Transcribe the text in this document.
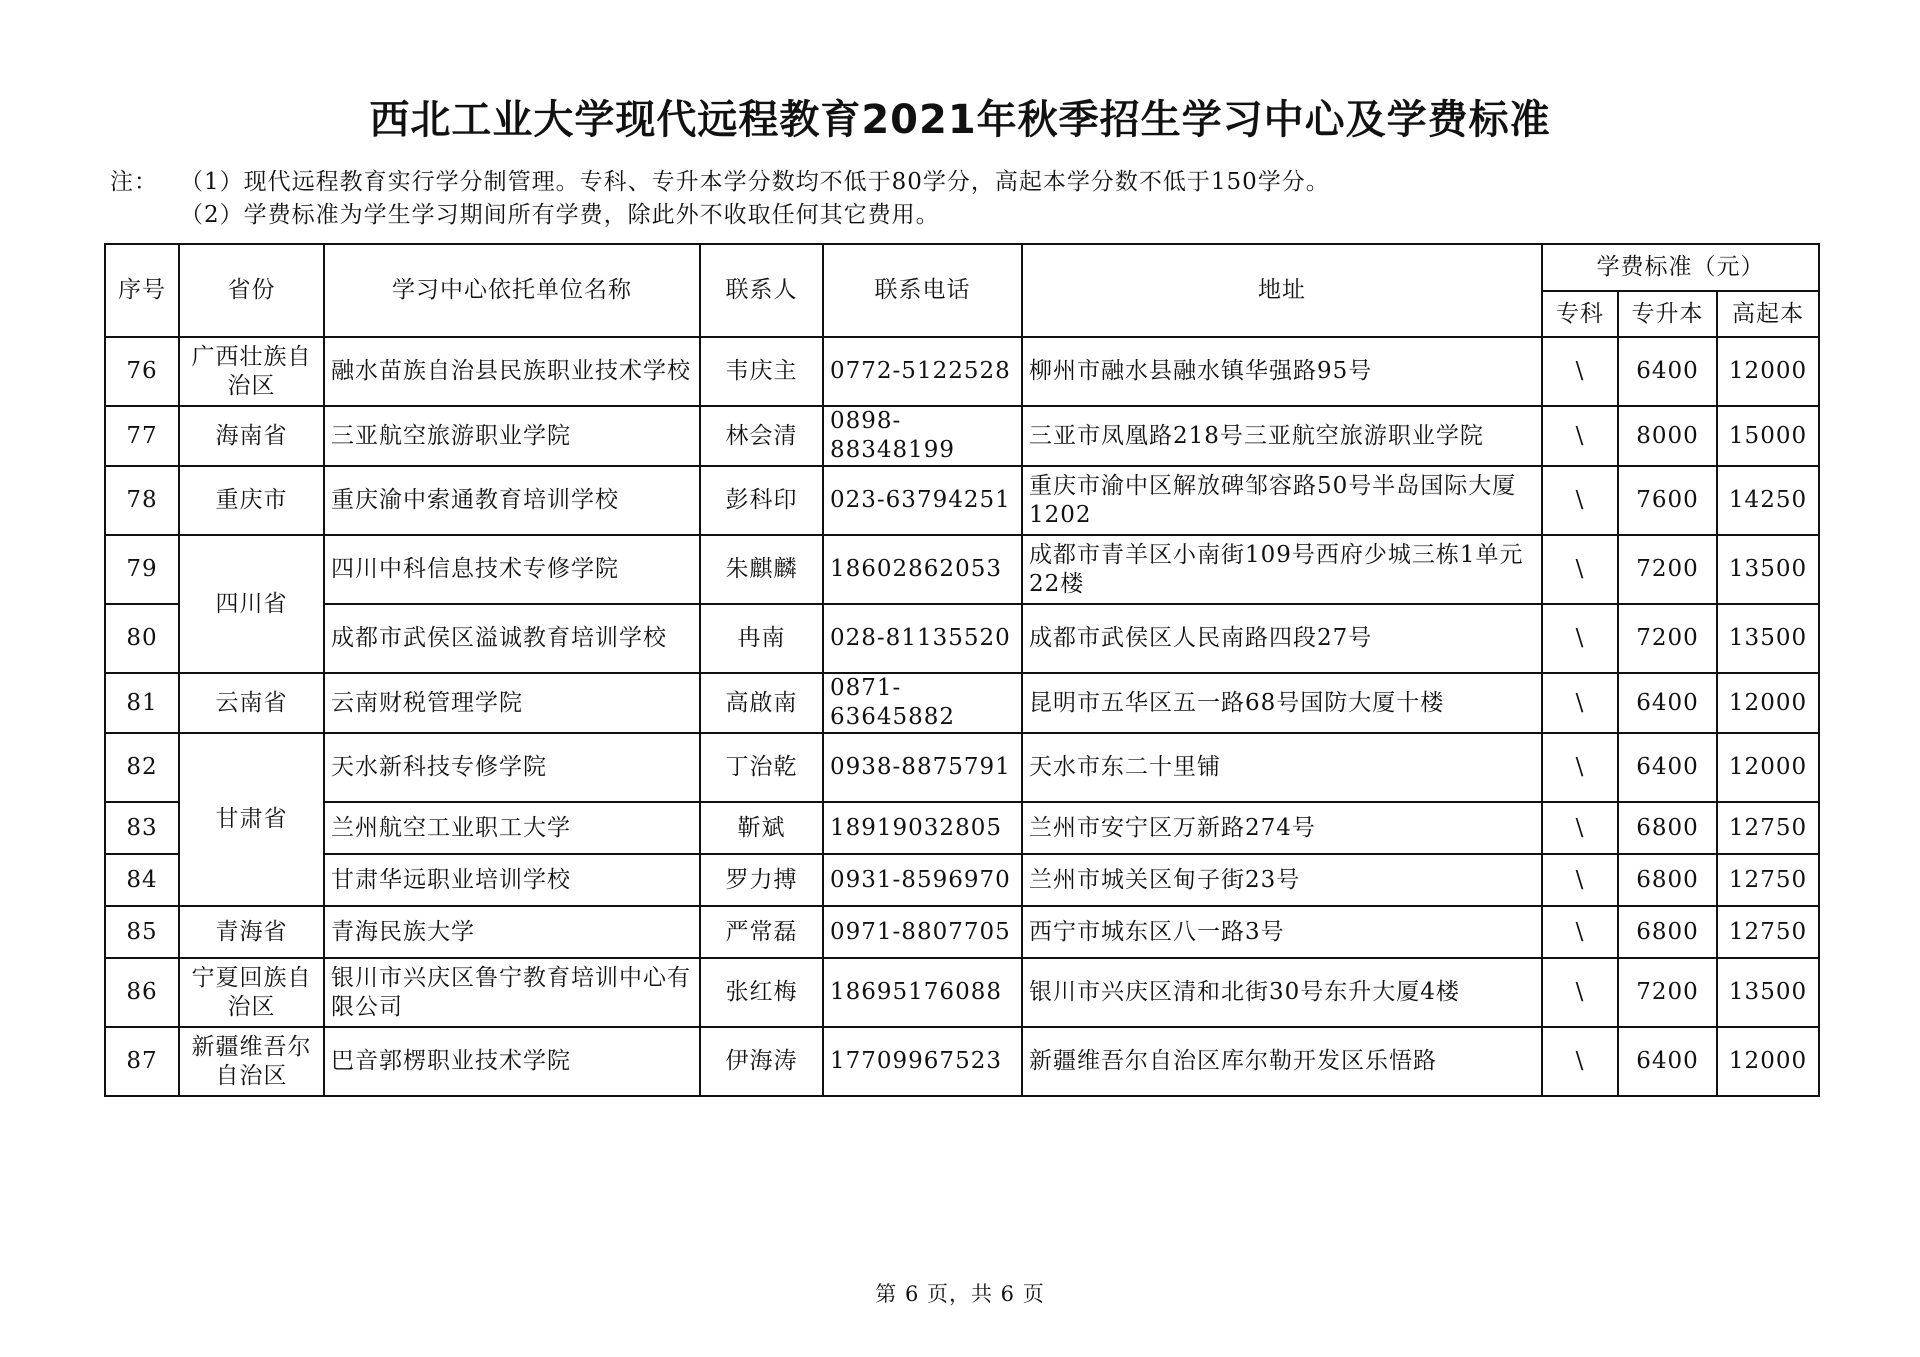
西北工业大学现代远程教育2021年秋季招生学习中心及学费标准
注： （1）现代远程教育实行学分制管理。专科、专升本学分数均不低于80学分，高起本学分数不低于150学分。
（2）学费标准为学生学习期间所有学费，除此外不收取任何其它费用。
序号	省份	学习中心依托单位名称	联系人	联系电话	地址	学费标准（元）		
						专科	专升本	高起本
76	广西壮族自治区	融水苗族自治县民族职业技术学校	韦庆主	0772-5122528	柳州市融水县融水镇华强路95号	\	6400	12000
77	海南省	三亚航空旅游职业学院	林会清	0898-88348199	三亚市凤凰路218号三亚航空旅游职业学院	\	8000	15000
78	重庆市	重庆渝中索通教育培训学校	彭科印	023-63794251	重庆市渝中区解放碑邹容路50号半岛国际大厦1202	\	7600	14250
79	四川省	四川中科信息技术专修学院	朱麒麟	18602862053	成都市青羊区小南街109号西府少城三栋1单元22楼	\	7200	13500
80		成都市武侯区溢诚教育培训学校	冉南	028-81135520	成都市武侯区人民南路四段27号	\	7200	13500
81	云南省	云南财税管理学院	高啟南	0871-63645882	昆明市五华区五一路68号国防大厦十楼	\	6400	12000
82	甘肃省	天水新科技专修学院	丁治乾	0938-8875791	天水市东二十里铺	\	6400	12000
83		兰州航空工业职工大学	靳斌	18919032805	兰州市安宁区万新路274号	\	6800	12750
84		甘肃华远职业培训学校	罗力搏	0931-8596970	兰州市城关区甸子街23号	\	6800	12750
85	青海省	青海民族大学	严常磊	0971-8807705	西宁市城东区八一路3号	\	6800	12750
86	宁夏回族自治区	银川市兴庆区鲁宁教育培训中心有限公司	张红梅	18695176088	银川市兴庆区清和北街30号东升大厦4楼	\	7200	13500
87	新疆维吾尔自治区	巴音郭楞职业技术学院	伊海涛	17709967523	新疆维吾尔自治区库尔勒开发区乐悟路	\	6400	12000
第 6 页，共 6 页
